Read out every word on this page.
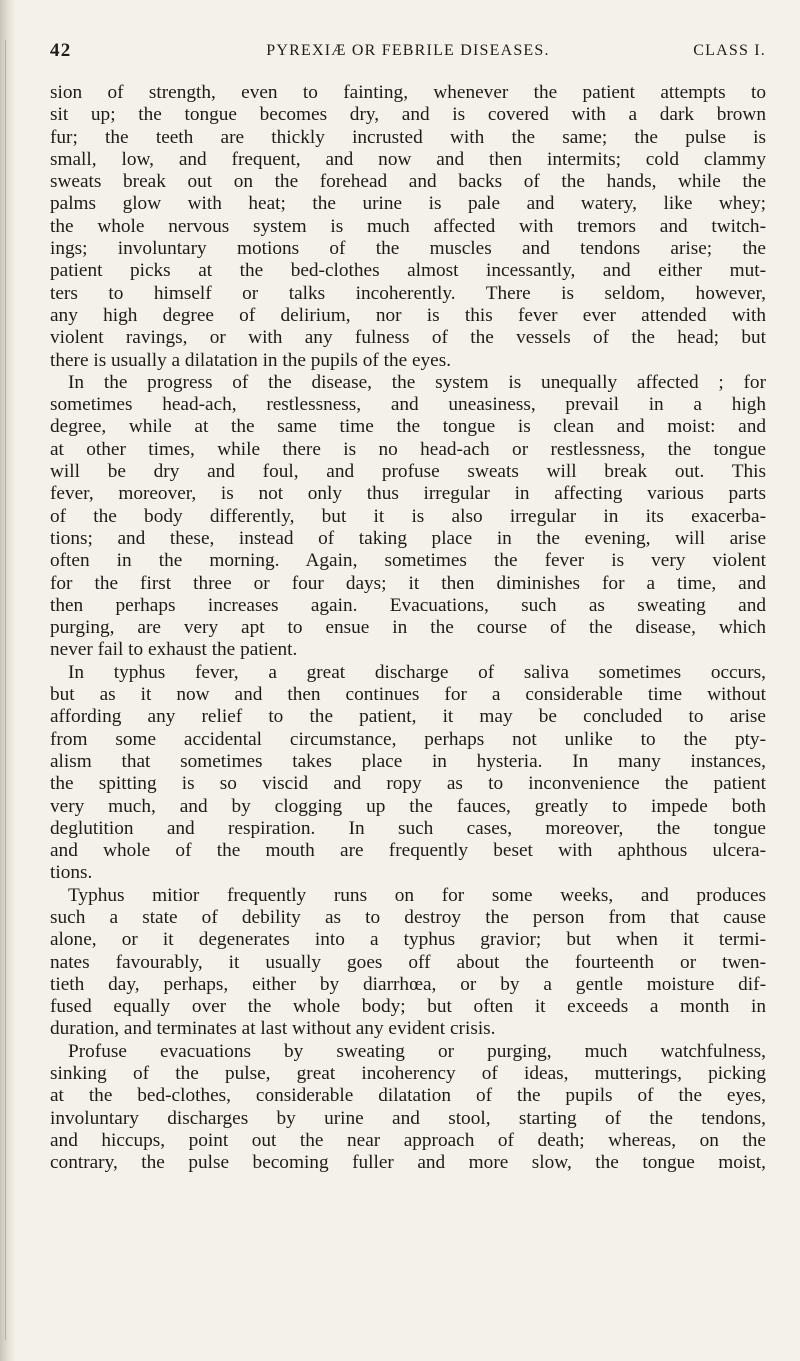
42	PYREXIÆ OR FEBRILE DISEASES.	CLASS I.
sion of strength, even to fainting, whenever the patient attempts to
sit up; the tongue becomes dry, and is covered with a dark brown
fur; the teeth are thickly incrusted with the same; the pulse is
small, low, and frequent, and now and then intermits; cold clammy
sweats break out on the forehead and backs of the hands, while the
palms glow with heat; the urine is pale and watery, like whey;
the whole nervous system is much affected with tremors and twitch-
ings; involuntary motions of the muscles and tendons arise; the
patient picks at the bed-clothes almost incessantly, and either mut-
ters to himself or talks incoherently. There is seldom, however,
any high degree of delirium, nor is this fever ever attended with
violent ravings, or with any fulness of the vessels of the head; but
there is usually a dilatation in the pupils of the eyes.
In the progress of the disease, the system is unequally affected ; for
sometimes head-ach, restlessness, and uneasiness, prevail in a high
degree, while at the same time the tongue is clean and moist: and
at other times, while there is no head-ach or restlessness, the tongue
will be dry and foul, and profuse sweats will break out. This
fever, moreover, is not only thus irregular in affecting various parts
of the body differently, but it is also irregular in its exacerba-
tions; and these, instead of taking place in the evening, will arise
often in the morning. Again, sometimes the fever is very violent
for the first three or four days; it then diminishes for a time, and
then perhaps increases again. Evacuations, such as sweating and
purging, are very apt to ensue in the course of the disease, which
never fail to exhaust the patient.
In typhus fever, a great discharge of saliva sometimes occurs,
but as it now and then continues for a considerable time without
affording any relief to the patient, it may be concluded to arise
from some accidental circumstance, perhaps not unlike to the pty-
alism that sometimes takes place in hysteria. In many instances,
the spitting is so viscid and ropy as to inconvenience the patient
very much, and by clogging up the fauces, greatly to impede both
deglutition and respiration. In such cases, moreover, the tongue
and whole of the mouth are frequently beset with aphthous ulcera-
tions.
Typhus mitior frequently runs on for some weeks, and produces
such a state of debility as to destroy the person from that cause
alone, or it degenerates into a typhus gravior; but when it termi-
nates favourably, it usually goes off about the fourteenth or twen-
tieth day, perhaps, either by diarrhœa, or by a gentle moisture dif-
fused equally over the whole body; but often it exceeds a month in
duration, and terminates at last without any evident crisis.
Profuse evacuations by sweating or purging, much watchfulness,
sinking of the pulse, great incoherency of ideas, mutterings, picking
at the bed-clothes, considerable dilatation of the pupils of the eyes,
involuntary discharges by urine and stool, starting of the tendons,
and hiccups, point out the near approach of death; whereas, on the
contrary, the pulse becoming fuller and more slow, the tongue moist,
